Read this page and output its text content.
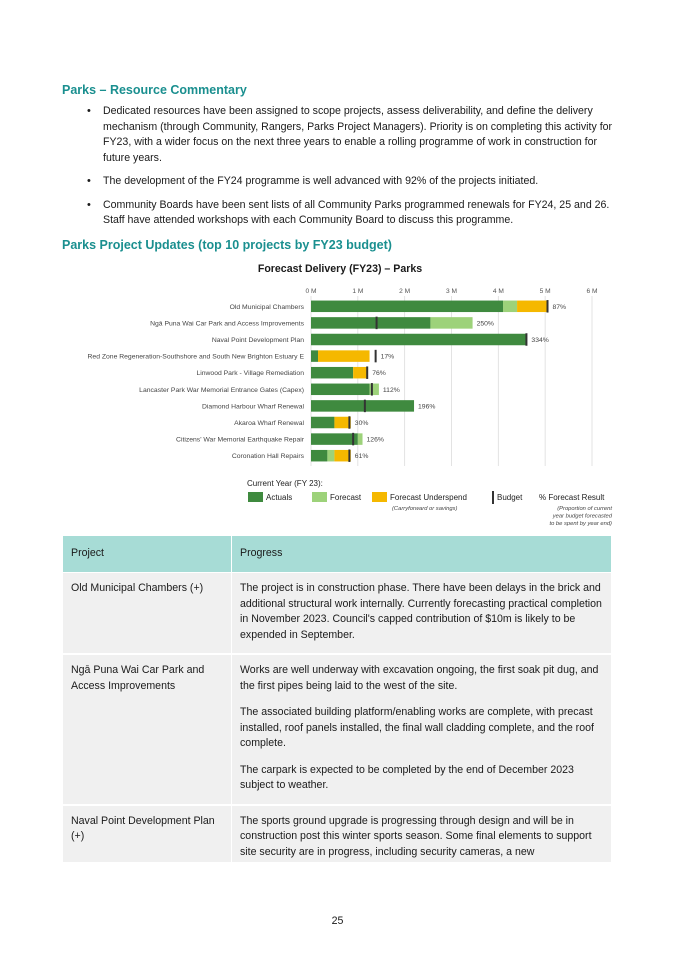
Parks – Resource Commentary
• Dedicated resources have been assigned to scope projects, assess deliverability, and define the delivery mechanism (through Community, Rangers, Parks Project Managers). Priority is on completing this activity for FY23, with a wider focus on the next three years to enable a rolling programme of work in construction for future years.
• The development of the FY24 programme is well advanced with 92% of the projects initiated.
• Community Boards have been sent lists of all Community Parks programmed renewals for FY24, 25 and 26. Staff have attended workshops with each Community Board to discuss this programme.
Parks Project Updates (top 10 projects by FY23 budget)
Forecast Delivery (FY23) – Parks
0 M	1 M	2 M	3 M	4 M	5 M	6 M
Old Municipal Chambers	87%
Ngā Puna Wai Car Park and Access Improvements	250%
Naval Point Development Plan	334%
Red Zone Regeneration-Southshore and South New Brighton Estuary E	17%
Linwood Park - Village Remediation	76%
Lancaster Park War Memorial Entrance Gates (Capex)	112%
Diamond Harbour Wharf Renewal	196%
Akaroa Wharf Renewal	30%
Citizens' War Memorial Earthquake Repair	126%
Coronation Hall Repairs	61%
Current Year (FY 23):
Actuals	Forecast	Forecast Underspend
(Carryforward or savings)
Budget % Forecast Result
(Proportion of current
year budget forecasted
to be spent by year end)
Project	Progress
Old Municipal Chambers (+)	The project is in construction phase. There have been delays in the brick and additional structural work internally. Currently forecasting practical completion in November 2023. Council's capped contribution of $10m is likely to be expended in September.

Ngā Puna Wai Car Park and Access Improvements	Works are well underway with excavation ongoing, the first soak pit dug, and the first pipes being laid to the west of the site.

The associated building platform/enabling works are complete, with precast installed, roof panels installed, the final wall cladding complete, and the roof complete.

The carpark is expected to be completed by the end of December 2023 subject to weather.

Naval Point Development Plan (+)	The sports ground upgrade is progressing through design and will be in construction post this winter sports season. Some final elements to support site security are in progress, including security cameras, a new

25
